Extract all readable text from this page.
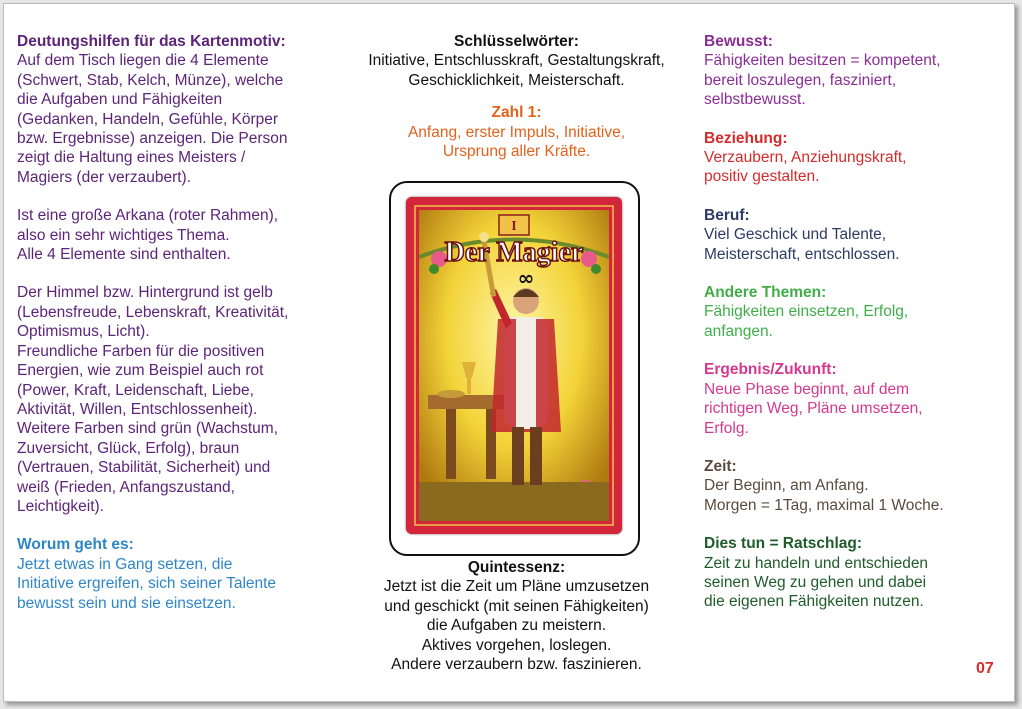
Deutungshilfen für das Kartenmotiv:

Auf dem Tisch liegen die 4 Elemente

(Schwert, Stab, Kelch, Münze), welche

die Aufgaben und Fähigkeiten

(Gedanken, Handeln, Gefühle, Körper

bzw. Ergebnisse) anzeigen. Die Person

zeigt die Haltung eines Meisters /

Magiers (der verzaubert).

Ist eine große Arkana (roter Rahmen),

also ein sehr wichtiges Thema.

Alle 4 Elemente sind enthalten.

Der Himmel bzw. Hintergrund ist gelb

(Lebensfreude, Lebenskraft, Kreativität,

Optimismus, Licht).

Freundliche Farben für die positiven

Energien, wie zum Beispiel auch rot

(Power, Kraft, Leidenschaft, Liebe,

Aktivität, Willen, Entschlossenheit).

Weitere Farben sind grün (Wachstum,

Zuversicht, Glück, Erfolg), braun

(Vertrauen, Stabilität, Sicherheit) und

weiß (Frieden, Anfangszustand,

Leichtigkeit).

Worum geht es:

Jetzt etwas in Gang setzen, die

Initiative ergreifen, sich seiner Talente

bewusst sein und sie einsetzen.

Schlüsselwörter:

Initiative, Entschlusskraft, Gestaltungskraft,

Geschicklichkeit, Meisterschaft.

Zahl 1:

Anfang, erster Impuls, Initiative,

Ursprung aller Kräfte.

I
Der Magier
∞

Quintessenz:

Jetzt ist die Zeit um Pläne umzusetzen

und geschickt (mit seinen Fähigkeiten)

die Aufgaben zu meistern.

Aktives vorgehen, loslegen.

Andere verzaubern bzw. faszinieren.

Bewusst:

Fähigkeiten besitzen = kompetent,

bereit loszulegen, fasziniert,

selbstbewusst.

Beziehung:

Verzaubern, Anziehungskraft,

positiv gestalten.

Beruf:

Viel Geschick und Talente,

Meisterschaft, entschlossen.

Andere Themen:

Fähigkeiten einsetzen, Erfolg,

anfangen.

Ergebnis/Zukunft:

Neue Phase beginnt, auf dem

richtigen Weg, Pläne umsetzen,

Erfolg.

Zeit:

Der Beginn, am Anfang.

Morgen = 1Tag, maximal 1 Woche.

Dies tun = Ratschlag:

Zeit zu handeln und entschieden

seinen Weg zu gehen und dabei

die eigenen Fähigkeiten nutzen.

07
